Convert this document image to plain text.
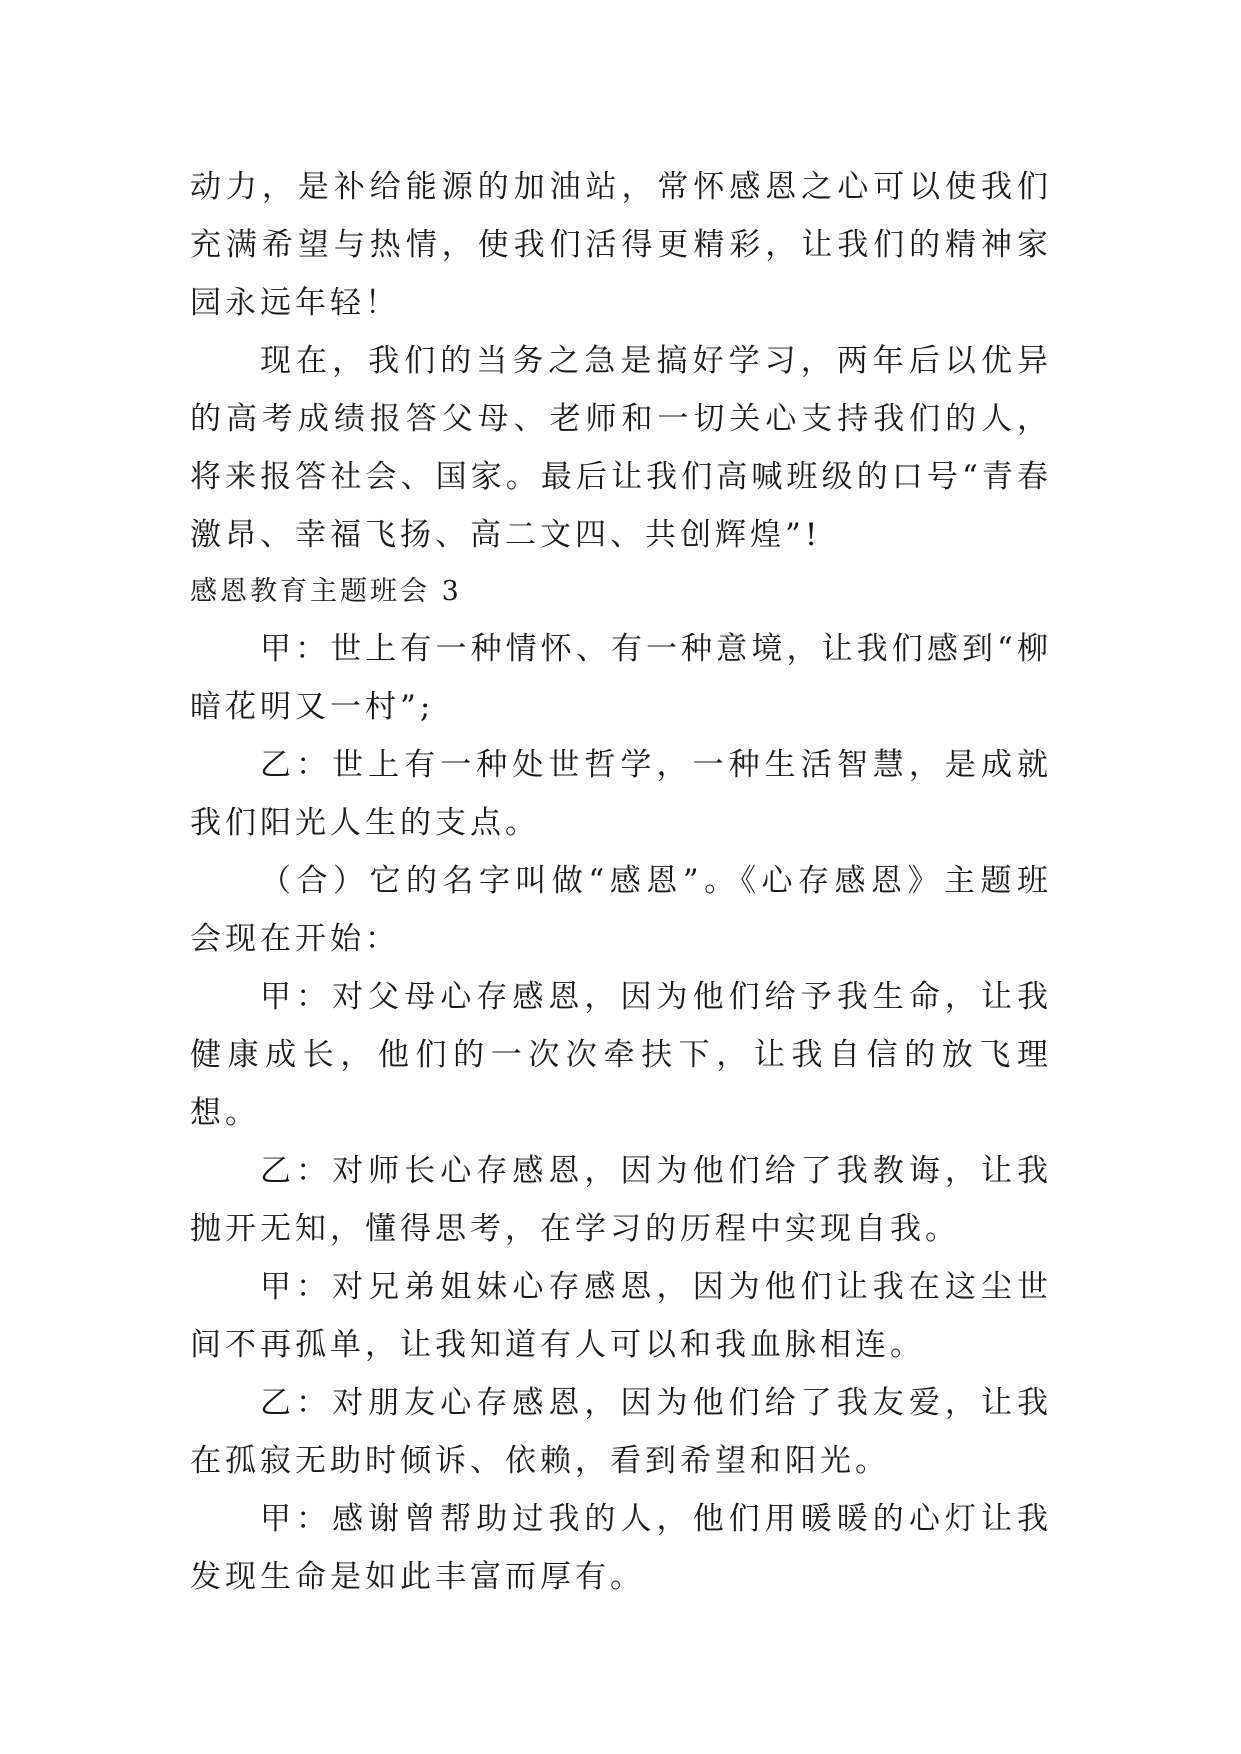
动力，是补给能源的加油站，常怀感恩之心可以使我们充满希望与热情，使我们活得更精彩，让我们的精神家园永远年轻！

现在，我们的当务之急是搞好学习，两年后以优异的高考成绩报答父母、老师和一切关心支持我们的人，将来报答社会、国家。最后让我们高喊班级的口号“青春激昂、幸福飞扬、高二文四、共创辉煌”!

感恩教育主题班会 3

甲：世上有一种情怀、有一种意境，让我们感到“柳暗花明又一村”;

乙：世上有一种处世哲学，一种生活智慧，是成就我们阳光人生的支点。

（合）它的名字叫做“感恩”。《心存感恩》主题班会现在开始：

甲：对父母心存感恩，因为他们给予我生命，让我健康成长，他们的一次次牵扶下，让我自信的放飞理想。

乙：对师长心存感恩，因为他们给了我教诲，让我抛开无知，懂得思考，在学习的历程中实现自我。

甲：对兄弟姐妹心存感恩，因为他们让我在这尘世间不再孤单，让我知道有人可以和我血脉相连。

乙：对朋友心存感恩，因为他们给了我友爱，让我在孤寂无助时倾诉、依赖，看到希望和阳光。

甲：感谢曾帮助过我的人，他们用暖暖的心灯让我发现生命是如此丰富而厚有。
